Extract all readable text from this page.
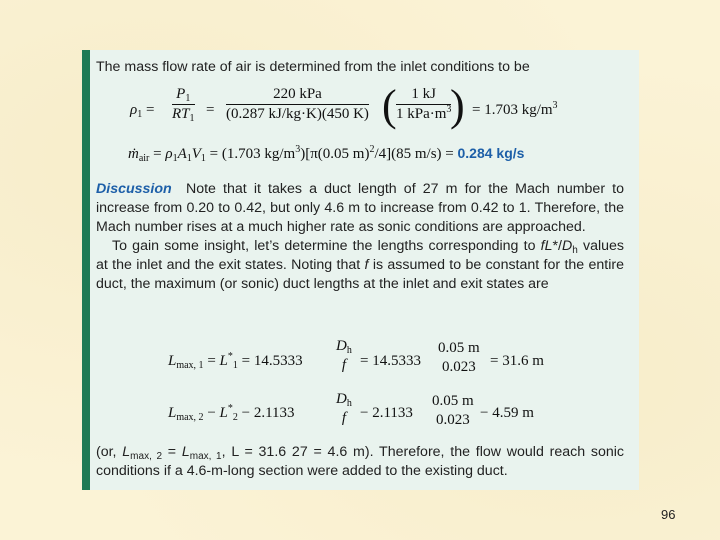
The mass flow rate of air is determined from the inlet conditions to be
$\rho_1 = \frac{P_1}{RT_1}$ =
220 kPa
(0.287 kJ/kg·K)(450 K) ( 1 kJ
1 $kPa\cdot m^3$
) = 1.703 $kg/m^3$
ṁ$_{air}$ = $\rho_1A_1V_1 = (1.703$ $kg/m^3)[\pi(0.05$ m)$^2$/4](85 m/s) = 0.284 kg/s

Discussion Note that it takes a duct length of 27 m for the Mach number to increase from 0.20 to 0.42, but only 4.6 m to increase from 0.42 to 1. Therefore, the Mach number rises at a much higher rate as sonic conditions are approached.

To gain some insight, let’s determine the lengths corresponding to $fL*/D_h$ values at the inlet and the exit states. Noting that f is assumed to be constant for the entire duct, the maximum (or sonic) duct lengths at the inlet and exit states are

$L_{max, 1} = L^*_1 = 14.5333$
$D_h$
f = 14.5333
0.05 m
0.023 = 31.6 m
$L_{max, 2} - L^*_2 - 2.1133$
$D_h$
f − 2.1133
0.05 m
0.023 − 4.59 m

(or, $L_{max, 2} = L_{max, 1}$, L = 31.6 27 = 4.6 m). Therefore, the flow would reach sonic conditions if a 4.6-m-long section were added to the existing duct.

96
